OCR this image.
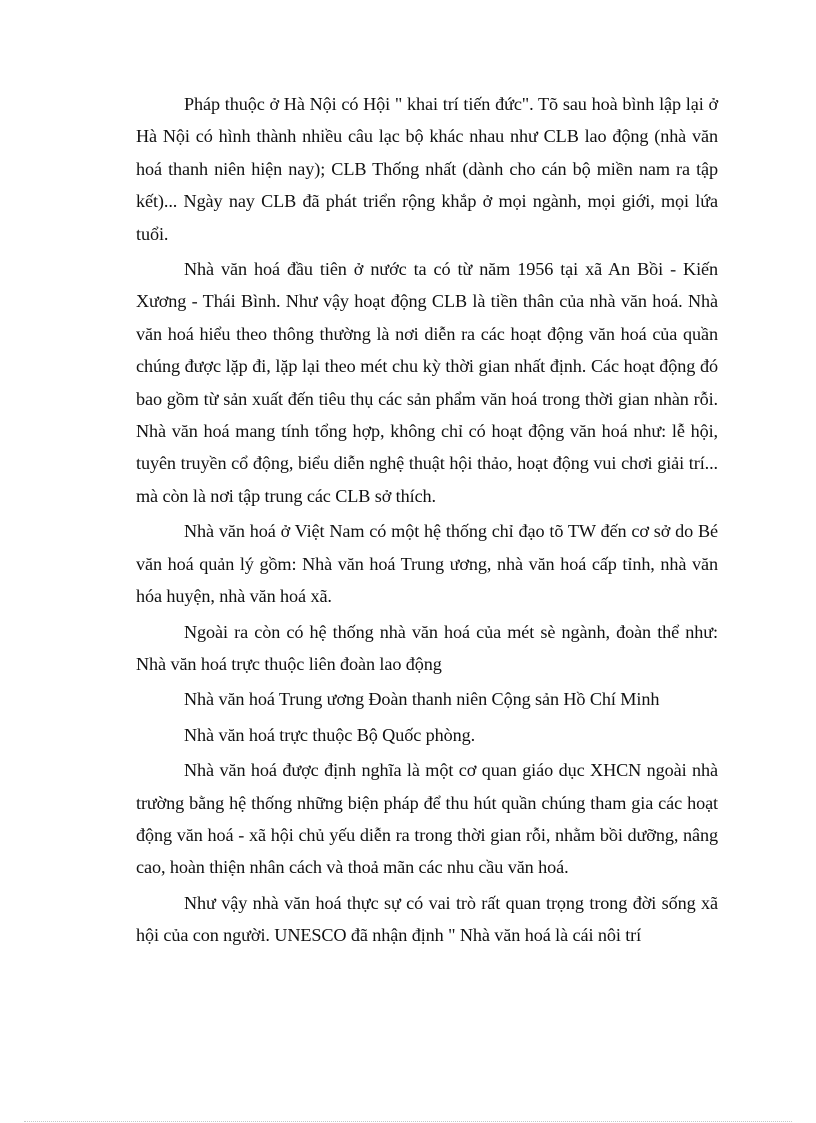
Pháp thuộc ở Hà Nội có Hội " khai trí tiến đức". Tõ sau hoà bình lập lại ở Hà Nội có hình thành nhiều câu lạc bộ khác nhau như CLB lao động (nhà văn hoá thanh niên hiện nay); CLB Thống nhất (dành cho cán bộ miền nam ra tập kết)... Ngày nay CLB đã phát triển rộng khắp ở mọi ngành, mọi giới, mọi lứa tuổi.

Nhà văn hoá đầu tiên ở nước ta có từ năm 1956 tại xã An Bồi - Kiến Xương - Thái Bình. Như vậy hoạt động CLB là tiền thân của nhà văn hoá. Nhà văn hoá hiểu theo thông thường là nơi diễn ra các hoạt động văn hoá của quần chúng được lặp đi, lặp lại theo mét chu kỳ thời gian nhất định. Các hoạt động đó bao gồm từ sản xuất đến tiêu thụ các sản phẩm văn hoá trong thời gian nhàn rỗi. Nhà văn hoá mang tính tổng hợp, không chỉ có hoạt động văn hoá như: lễ hội, tuyên truyền cổ động, biểu diễn nghệ thuật hội thảo, hoạt động vui chơi giải trí... mà còn là nơi tập trung các CLB sở thích.

Nhà văn hoá ở Việt Nam có một hệ thống chỉ đạo tõ TW đến cơ sở do Bé văn hoá quản lý gồm: Nhà văn hoá Trung ương, nhà văn hoá cấp tỉnh, nhà văn hóa huyện, nhà văn hoá xã.

Ngoài ra còn có hệ thống nhà văn hoá của mét sè ngành, đoàn thể như: Nhà văn hoá trực thuộc liên đoàn lao động

Nhà văn hoá Trung ương Đoàn thanh niên Cộng sản Hồ Chí Minh

Nhà văn hoá trực thuộc Bộ Quốc phòng.

Nhà văn hoá được định nghĩa là một cơ quan giáo dục XHCN ngoài nhà trường bằng hệ thống những biện pháp để thu hút quần chúng tham gia các hoạt động văn hoá - xã hội chủ yếu diễn ra trong thời gian rỗi, nhằm bồi dưỡng, nâng cao, hoàn thiện nhân cách và thoả mãn các nhu cầu văn hoá.

Như vậy nhà văn hoá thực sự có vai trò rất quan trọng trong đời sống xã hội của con người. UNESCO đã nhận định " Nhà văn hoá là cái nôi trí
